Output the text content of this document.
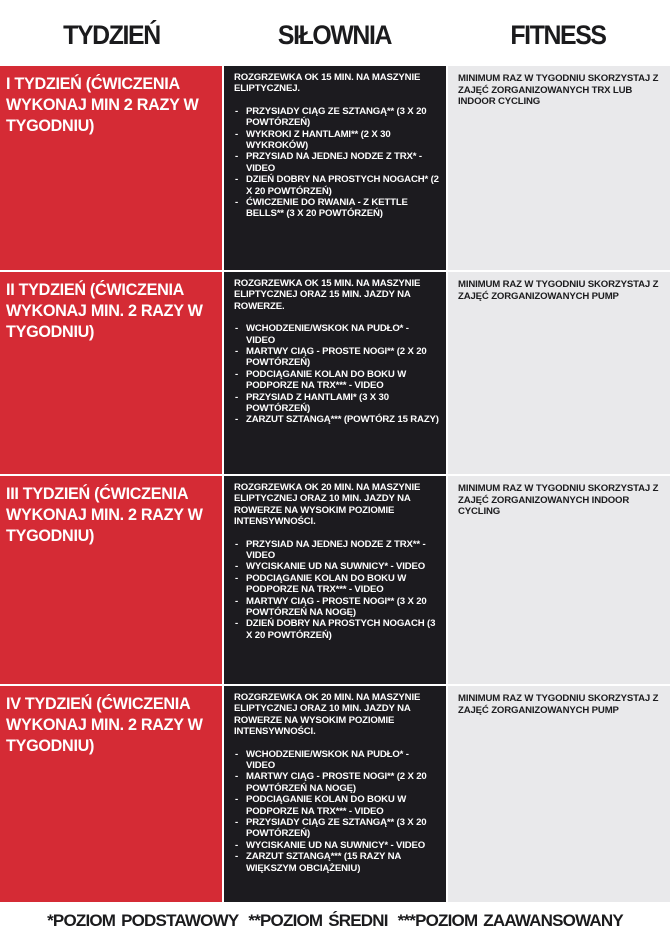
TYDZIEŃ	SIŁOWNIA	FITNESS
I TYDZIEŃ (ĆWICZENIA WYKONAJ MIN 2 RAZY W TYGODNIU)
ROZGRZEWKA OK 15 MIN. NA MASZYNIE ELIPTYCZNEJ.
- PRZYSIADY CIĄG ZE SZTANGĄ** (3 X 20 POWTÓRZEŃ)
- WYKROKI Z HANTLAMI** (2 X 30 WYKROKÓW)
- PRZYSIAD NA JEDNEJ NODZE Z TRX* - VIDEO
- DZIEŃ DOBRY NA PROSTYCH NOGACH* (2 X 20 POWTÓRZEŃ)
- ĆWICZENIE DO RWANIA - Z KETTLE BELLS** (3 X 20 POWTÓRZEŃ)
MINIMUM RAZ W TYGODNIU SKORZYSTAJ Z ZAJĘĆ ZORGANIZOWANYCH TRX LUB INDOOR CYCLING
II TYDZIEŃ (ĆWICZENIA WYKONAJ MIN. 2 RAZY W TYGODNIU)
ROZGRZEWKA OK 15 MIN. NA MASZYNIE ELIPTYCZNEJ ORAZ 15 MIN. JAZDY NA ROWERZE.
- WCHODZENIE/WSKOK NA PUDŁO* - VIDEO
- MARTWY CIĄG - PROSTE NOGI** (2 X 20 POWTÓRZEŃ)
- PODCIĄGANIE KOLAN DO BOKU W PODPORZE NA TRX*** - VIDEO
- PRZYSIAD Z HANTLAMI* (3 X 30 POWTÓRZEŃ)
- ZARZUT SZTANGĄ*** (POWTÓRZ 15 RAZY)
MINIMUM RAZ W TYGODNIU SKORZYSTAJ Z ZAJĘĆ ZORGANIZOWANYCH PUMP
III TYDZIEŃ (ĆWICZENIA WYKONAJ MIN. 2 RAZY W TYGODNIU)
ROZGRZEWKA OK 20 MIN. NA MASZYNIE ELIPTYCZNEJ ORAZ 10 MIN. JAZDY NA ROWERZE NA WYSOKIM POZIOMIE INTENSYWNOŚCI.
- PRZYSIAD NA JEDNEJ NODZE Z TRX** - VIDEO
- WYCISKANIE UD NA SUWNICY* - VIDEO
- PODCIĄGANIE KOLAN DO BOKU W PODPORZE NA TRX*** - VIDEO
- MARTWY CIĄG - PROSTE NOGI** (3 X 20 POWTÓRZEŃ NA NOGĘ)
- DZIEŃ DOBRY NA PROSTYCH NOGACH (3 X 20 POWTÓRZEŃ)
MINIMUM RAZ W TYGODNIU SKORZYSTAJ Z ZAJĘĆ ZORGANIZOWANYCH INDOOR CYCLING
IV TYDZIEŃ (ĆWICZENIA WYKONAJ MIN. 2 RAZY W TYGODNIU)
ROZGRZEWKA OK 20 MIN. NA MASZYNIE ELIPTYCZNEJ ORAZ 10 MIN. JAZDY NA ROWERZE NA WYSOKIM POZIOMIE INTENSYWNOŚCI.
- WCHODZENIE/WSKOK NA PUDŁO* - VIDEO
- MARTWY CIĄG - PROSTE NOGI** (2 X 20 POWTÓRZEŃ NA NOGĘ)
- PODCIĄGANIE KOLAN DO BOKU W PODPORZE NA TRX*** - VIDEO
- PRZYSIADY CIĄG ZE SZTANGĄ** (3 X 20 POWTÓRZEŃ)
- WYCISKANIE UD NA SUWNICY* - VIDEO
- ZARZUT SZTANGĄ*** (15 RAZY NA WIĘKSZYM OBCIĄŻENIU)
MINIMUM RAZ W TYGODNIU SKORZYSTAJ Z ZAJĘĆ ZORGANIZOWANYCH PUMP
*POZIOM PODSTAWOWY **POZIOM ŚREDNI ***POZIOM ZAAWANSOWANY
